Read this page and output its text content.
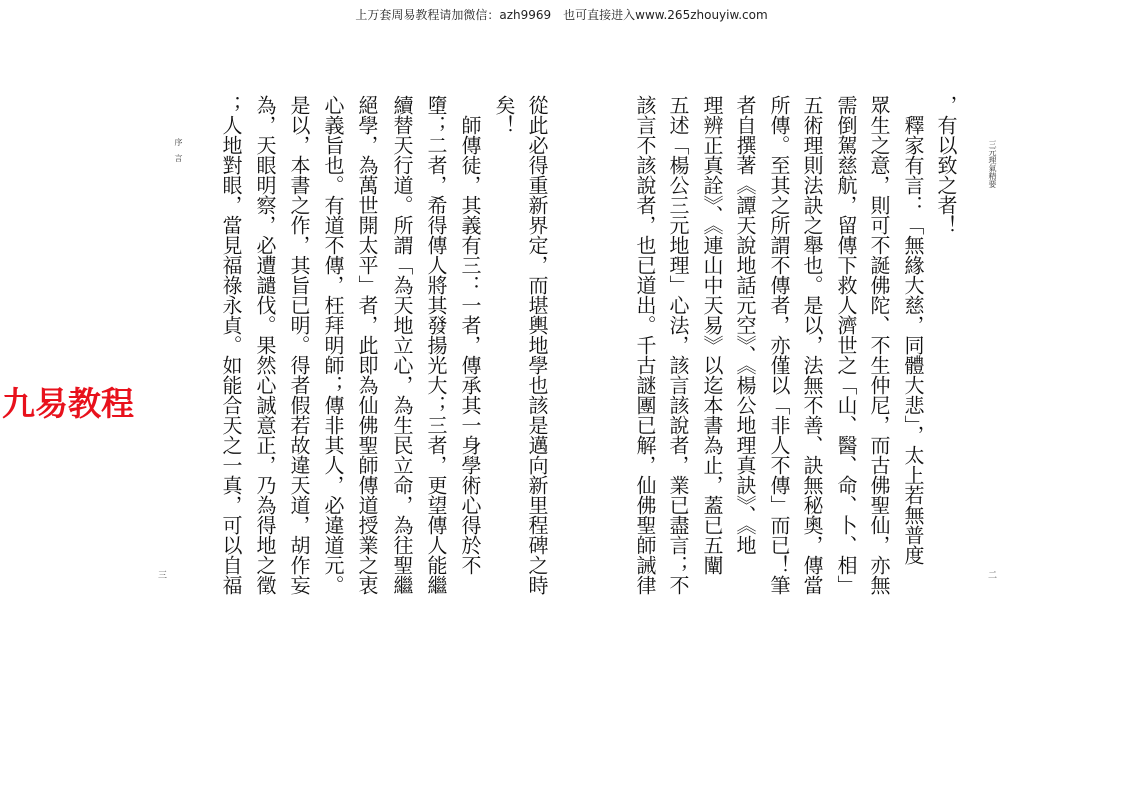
上万套周易教程请加微信：azh9969　也可直接进入www.265zhouyiw.com
九易教程
三元理氣精要
二
，有以致之者！
　釋家有言：「無緣大慈，同體大悲」，太上若無普度
眾生之意，則可不誕佛陀、不生仲尼，而古佛聖仙，亦無
需倒駕慈航，留傳下救人濟世之「山、醫、命、卜、相」
五術理則法訣之舉也。是以，法無不善、訣無秘奧，傳當
所傳。至其之所謂不傳者，亦僅以「非人不傳」而已！筆
者自撰著《譚天說地話元空》、《楊公地理真訣》、《地
理辨正真詮》、《連山中天易》以迄本書為止，蓋已五闡
五述「楊公三元地理」心法，該言該說者，業已盡言；不
該言不該說者，也已道出。千古謎團已解，仙佛聖師誡律
序　言
三	從此必得重新界定，而堪輿地學也該是邁向新里程碑之時
矣！
　師傳徒，其義有三：一者，傳承其一身學術心得於不
墮；二者，希得傳人將其發揚光大；三者，更望傳人能繼
續替天行道。所謂「為天地立心，為生民立命，為往聖繼
絕學，為萬世開太平」者，此即為仙佛聖師傳道授業之衷
心義旨也。有道不傳，枉拜明師；傳非其人，必違道元。
是以，本書之作，其旨已明。得者假若故違天道，胡作妄
為，天眼明察，必遭譴伐。果然心誠意正，乃為得地之徵
；人地對眼，當見福祿永貞。如能合天之一真，可以自福
